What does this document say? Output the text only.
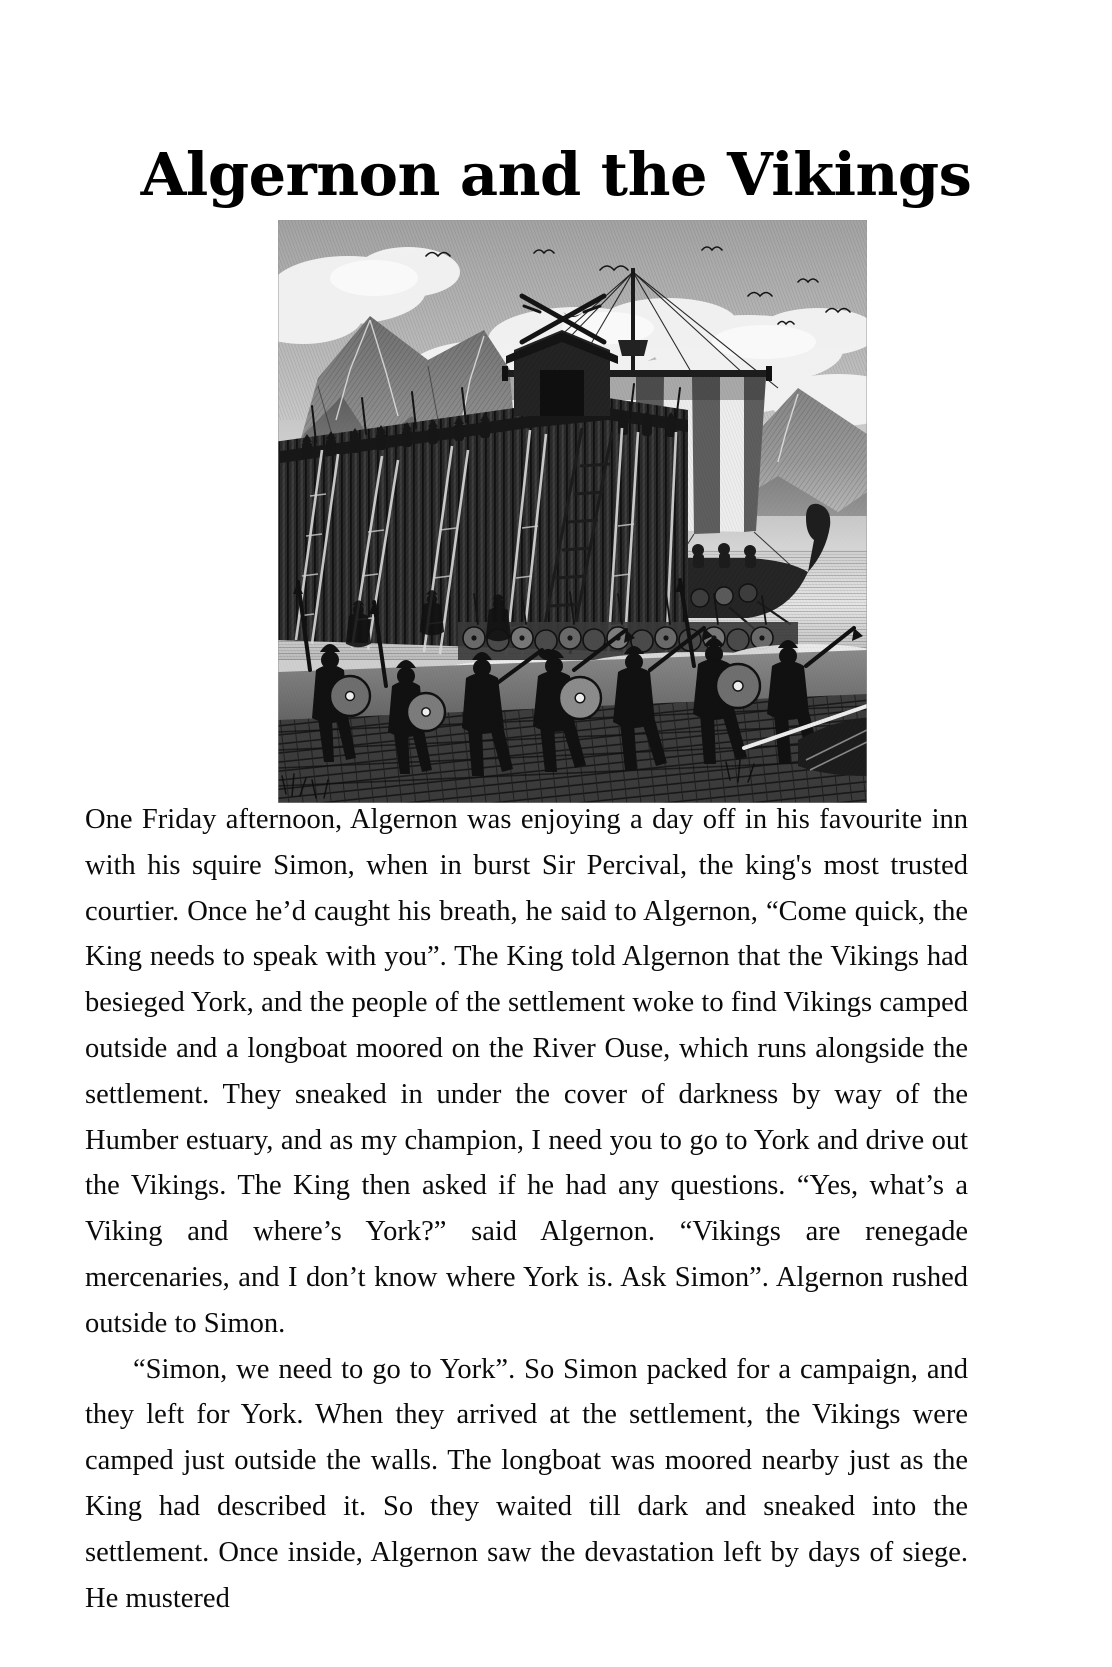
Algernon and the Vikings

One Friday afternoon, Algernon was enjoying a day off in his favourite inn with his squire Simon, when in burst Sir Percival, the king's most trusted courtier. Once he’d caught his breath, he said to Algernon, “Come quick, the King needs to speak with you”. The King told Algernon that the Vikings had besieged York, and the people of the settlement woke to find Vikings camped outside and a longboat moored on the River Ouse, which runs alongside the settlement. They sneaked in under the cover of darkness by way of the Humber estuary, and as my champion, I need you to go to York and drive out the Vikings. The King then asked if he had any questions. “Yes, what’s a Viking and where’s York?” said Algernon. “Vikings are renegade mercenaries, and I don’t know where York is. Ask Simon”. Algernon rushed outside to Simon.

“Simon, we need to go to York”. So Simon packed for a campaign, and they left for York. When they arrived at the settlement, the Vikings were camped just outside the walls. The longboat was moored nearby just as the King had described it. So they waited till dark and sneaked into the settlement. Once inside, Algernon saw the devastation left by days of siege. He mustered
